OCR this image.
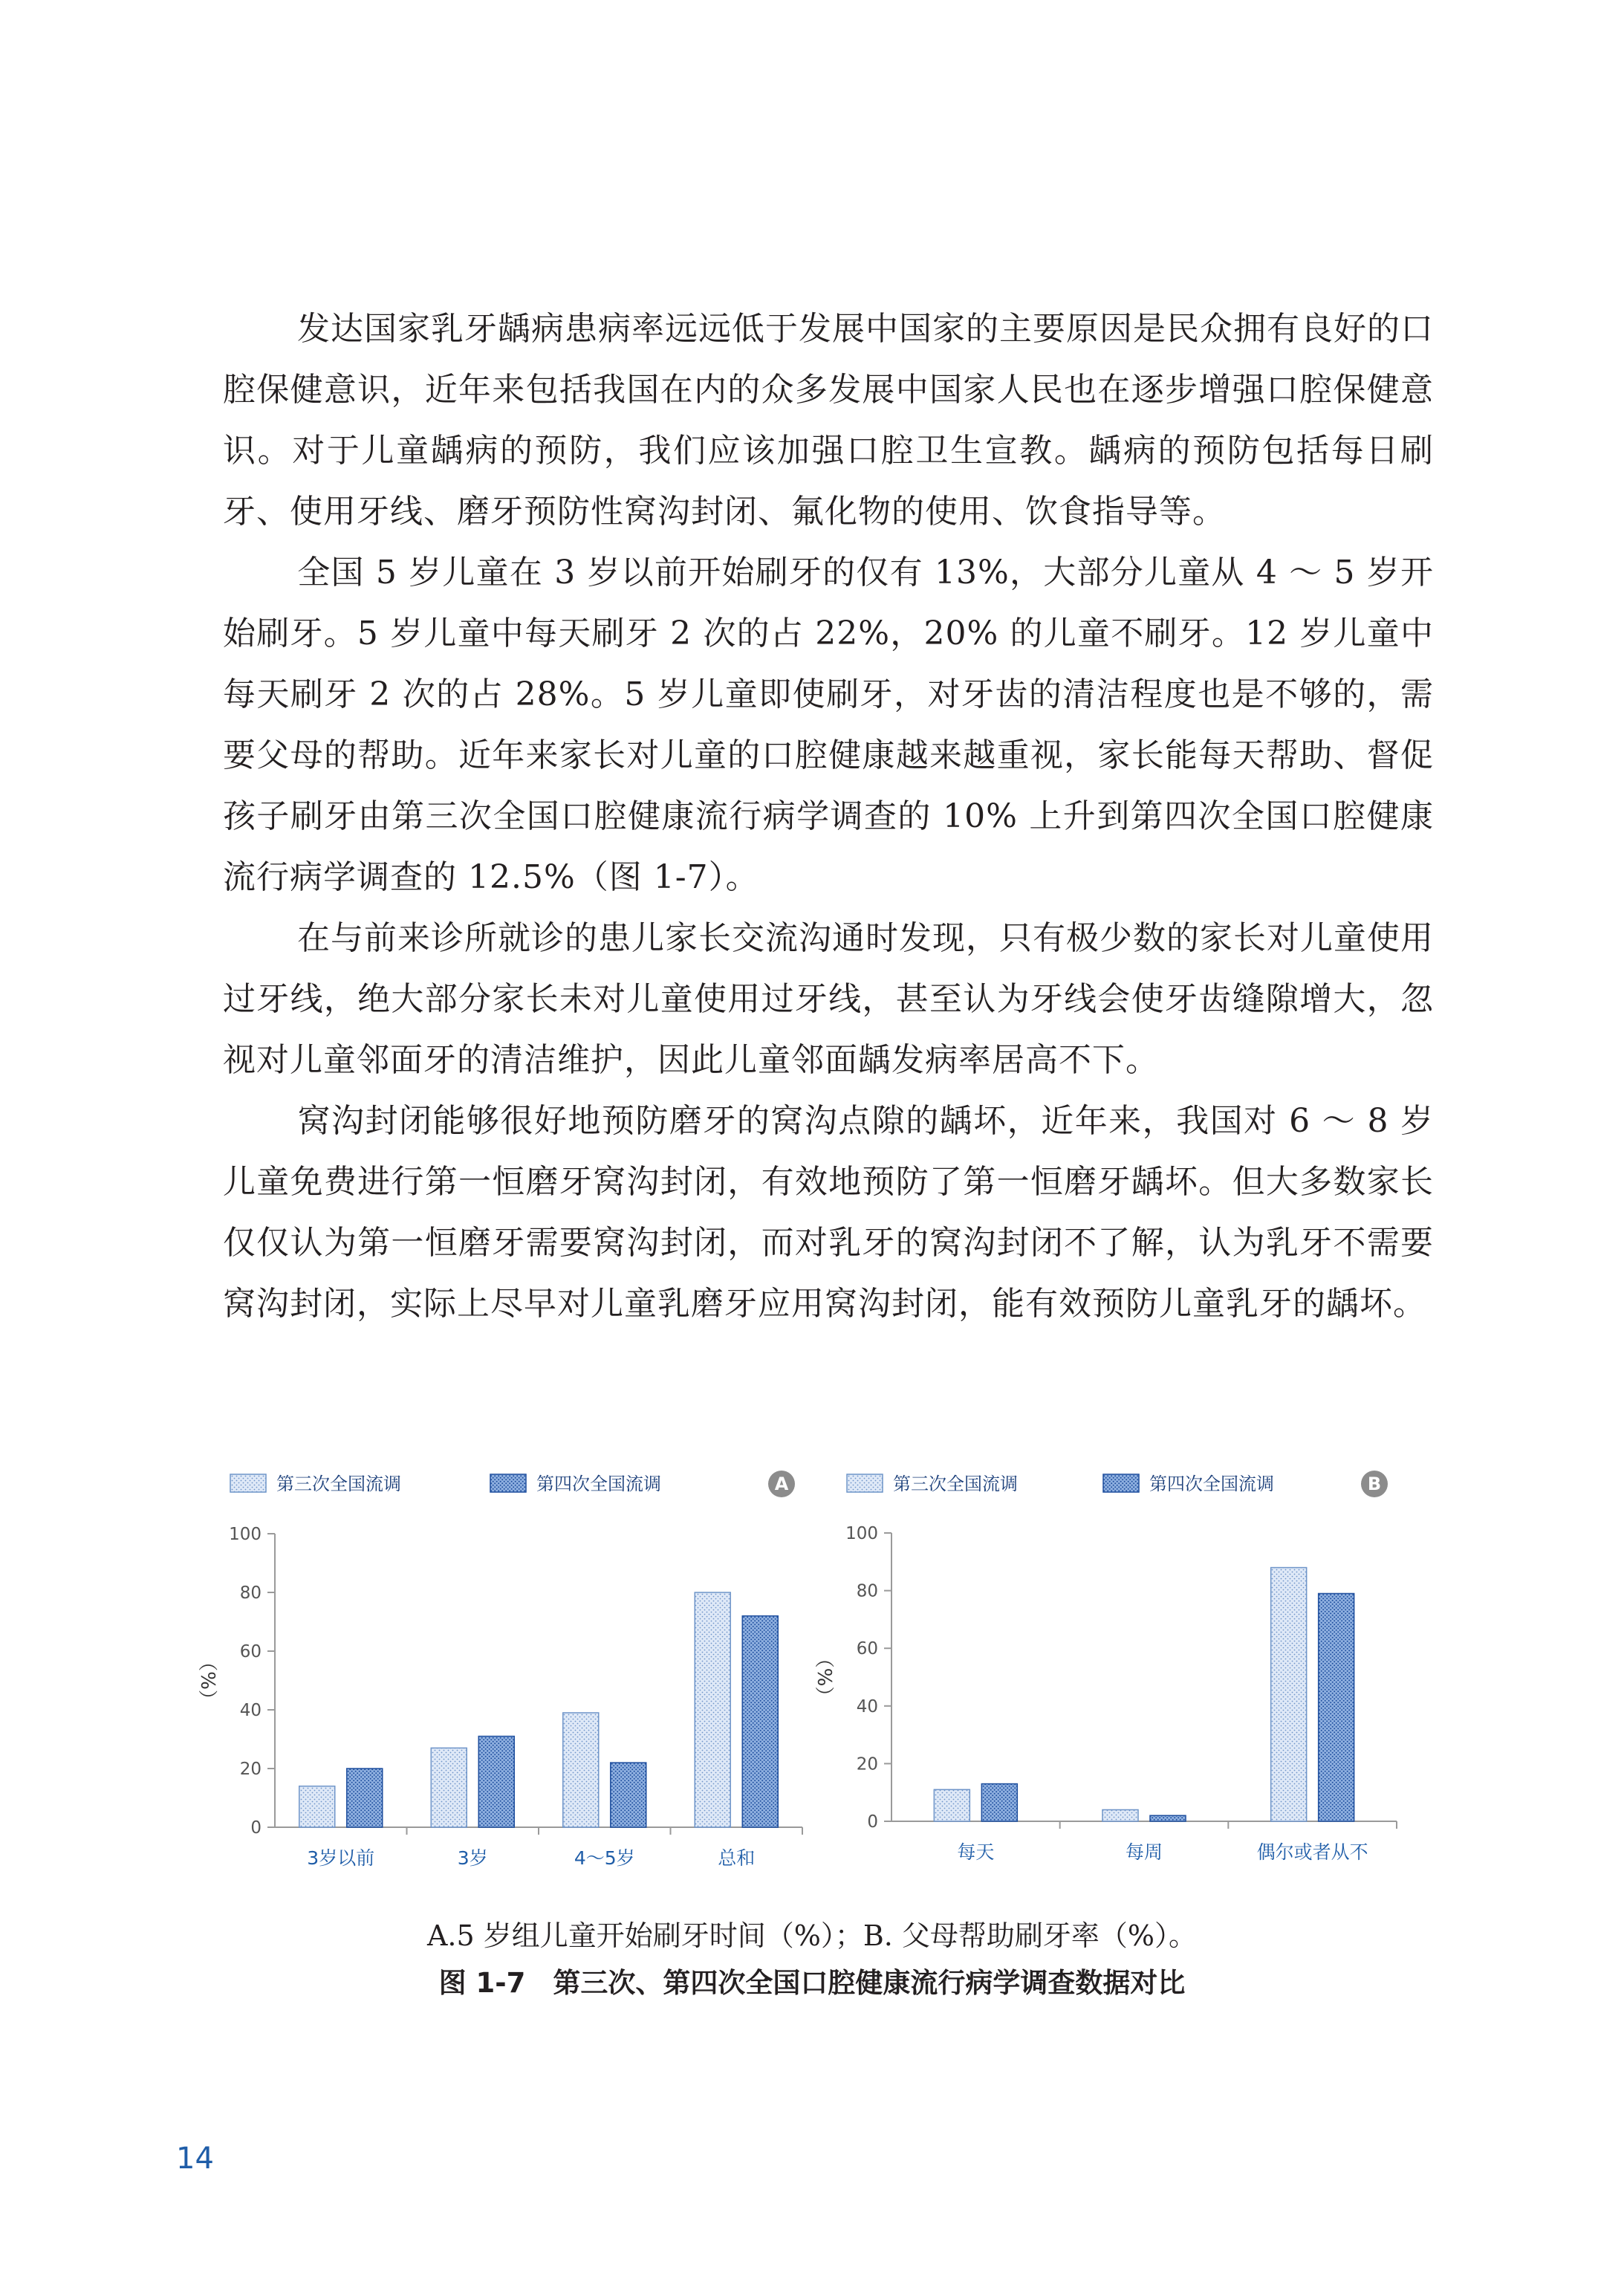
发达国家乳牙龋病患病率远远低于发展中国家的主要原因是民众拥有良好的口腔保健意识，近年来包括我国在内的众多发展中国家人民也在逐步增强口腔保健意识。对于儿童龋病的预防，我们应该加强口腔卫生宣教。龋病的预防包括每日刷牙、使用牙线、磨牙预防性窝沟封闭、氟化物的使用、饮食指导等。

全国 5 岁儿童在 3 岁以前开始刷牙的仅有 13%，大部分儿童从 4 ～ 5 岁开始刷牙。5 岁儿童中每天刷牙 2 次的占 22%，20% 的儿童不刷牙。12 岁儿童中每天刷牙 2 次的占 28%。5 岁儿童即使刷牙，对牙齿的清洁程度也是不够的，需要父母的帮助。近年来家长对儿童的口腔健康越来越重视，家长能每天帮助、督促孩子刷牙由第三次全国口腔健康流行病学调查的 10% 上升到第四次全国口腔健康流行病学调查的 12.5%（图 1-7）。

在与前来诊所就诊的患儿家长交流沟通时发现，只有极少数的家长对儿童使用过牙线，绝大部分家长未对儿童使用过牙线，甚至认为牙线会使牙齿缝隙增大，忽视对儿童邻面牙的清洁维护，因此儿童邻面龋发病率居高不下。

窝沟封闭能够很好地预防磨牙的窝沟点隙的龋坏，近年来，我国对 6 ～ 8 岁儿童免费进行第一恒磨牙窝沟封闭，有效地预防了第一恒磨牙龋坏。但大多数家长仅仅认为第一恒磨牙需要窝沟封闭，而对乳牙的窝沟封闭不了解，认为乳牙不需要窝沟封闭，实际上尽早对儿童乳磨牙应用窝沟封闭，能有效预防儿童乳牙的龋坏。

第三次全国流调	第四次全国流调	A
0
20
40
60
80
100
（%）
3岁以前	3岁	4～5岁	总和
第三次全国流调	第四次全国流调	B
0
20
40
60
80
100
（%）
每天	每周	偶尔或者从不
A.5 岁组儿童开始刷牙时间（%）；B. 父母帮助刷牙率（%）。
图 1-7　第三次、第四次全国口腔健康流行病学调查数据对比
14
